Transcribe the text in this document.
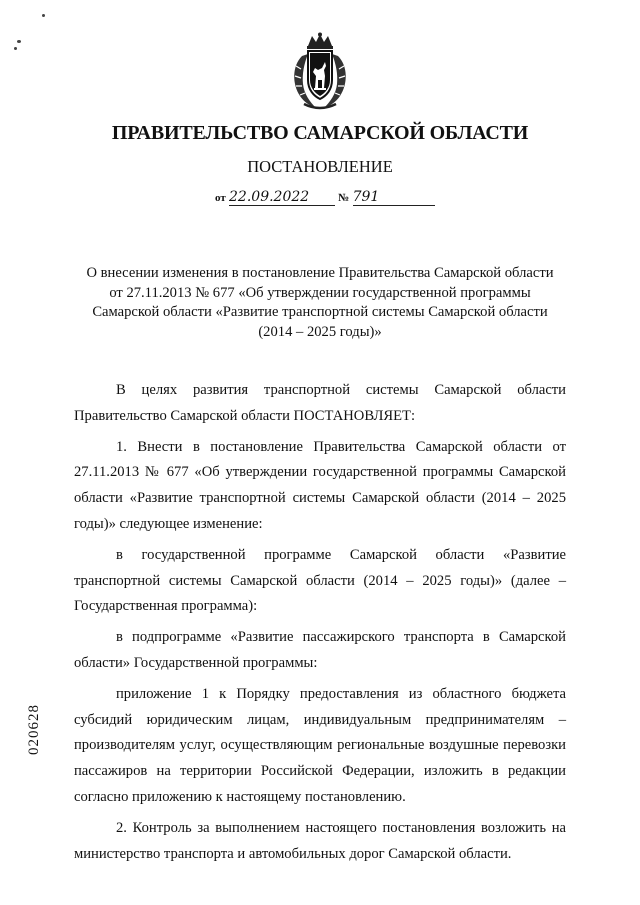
ПРАВИТЕЛЬСТВО САМАРСКОЙ ОБЛАСТИ
ПОСТАНОВЛЕНИЕ
от 22.09.2022	№ 791
О внесении изменения в постановление Правительства Самарской области
от 27.11.2013 № 677 «Об утверждении государственной программы
Самарской области «Развитие транспортной системы Самарской области
(2014 – 2025 годы)»

В целях развития транспортной системы Самарской области Правительство Самарской области ПОСТАНОВЛЯЕТ:

1. Внести в постановление Правительства Самарской области от 27.11.2013 № 677 «Об утверждении государственной программы Самарской области «Развитие транспортной системы Самарской области (2014 – 2025 годы)» следующее изменение:

в государственной программе Самарской области «Развитие транспортной системы Самарской области (2014 – 2025 годы)» (далее – Государственная программа):

в подпрограмме «Развитие пассажирского транспорта в Самарской области» Государственной программы:

приложение 1 к Порядку предоставления из областного бюджета субсидий юридическим лицам, индивидуальным предпринимателям – производителям услуг, осуществляющим региональные воздушные перевозки пассажиров на территории Российской Федерации, изложить в редакции согласно приложению к настоящему постановлению.

2. Контроль за выполнением настоящего постановления возложить на министерство транспорта и автомобильных дорог Самарской области.

020628
